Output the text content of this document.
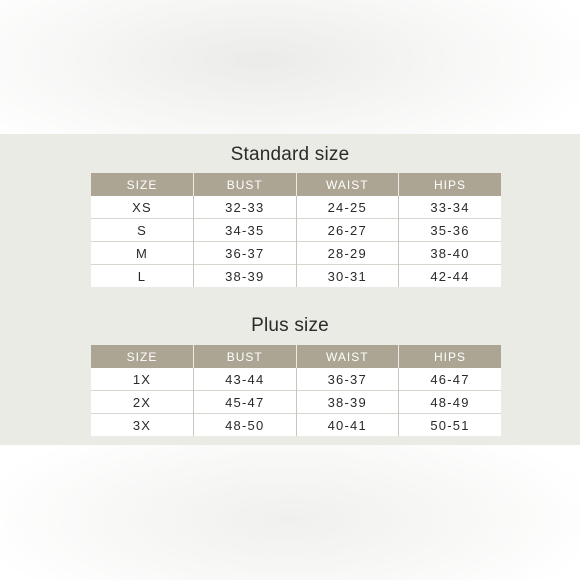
Standard size
SIZE	BUST	WAIST	HIPS
XS	32-33	24-25	33-34
S	34-35	26-27	35-36
M	36-37	28-29	38-40
L	38-39	30-31	42-44
Plus size
SIZE	BUST	WAIST	HIPS
1X	43-44	36-37	46-47
2X	45-47	38-39	48-49
3X	48-50	40-41	50-51
